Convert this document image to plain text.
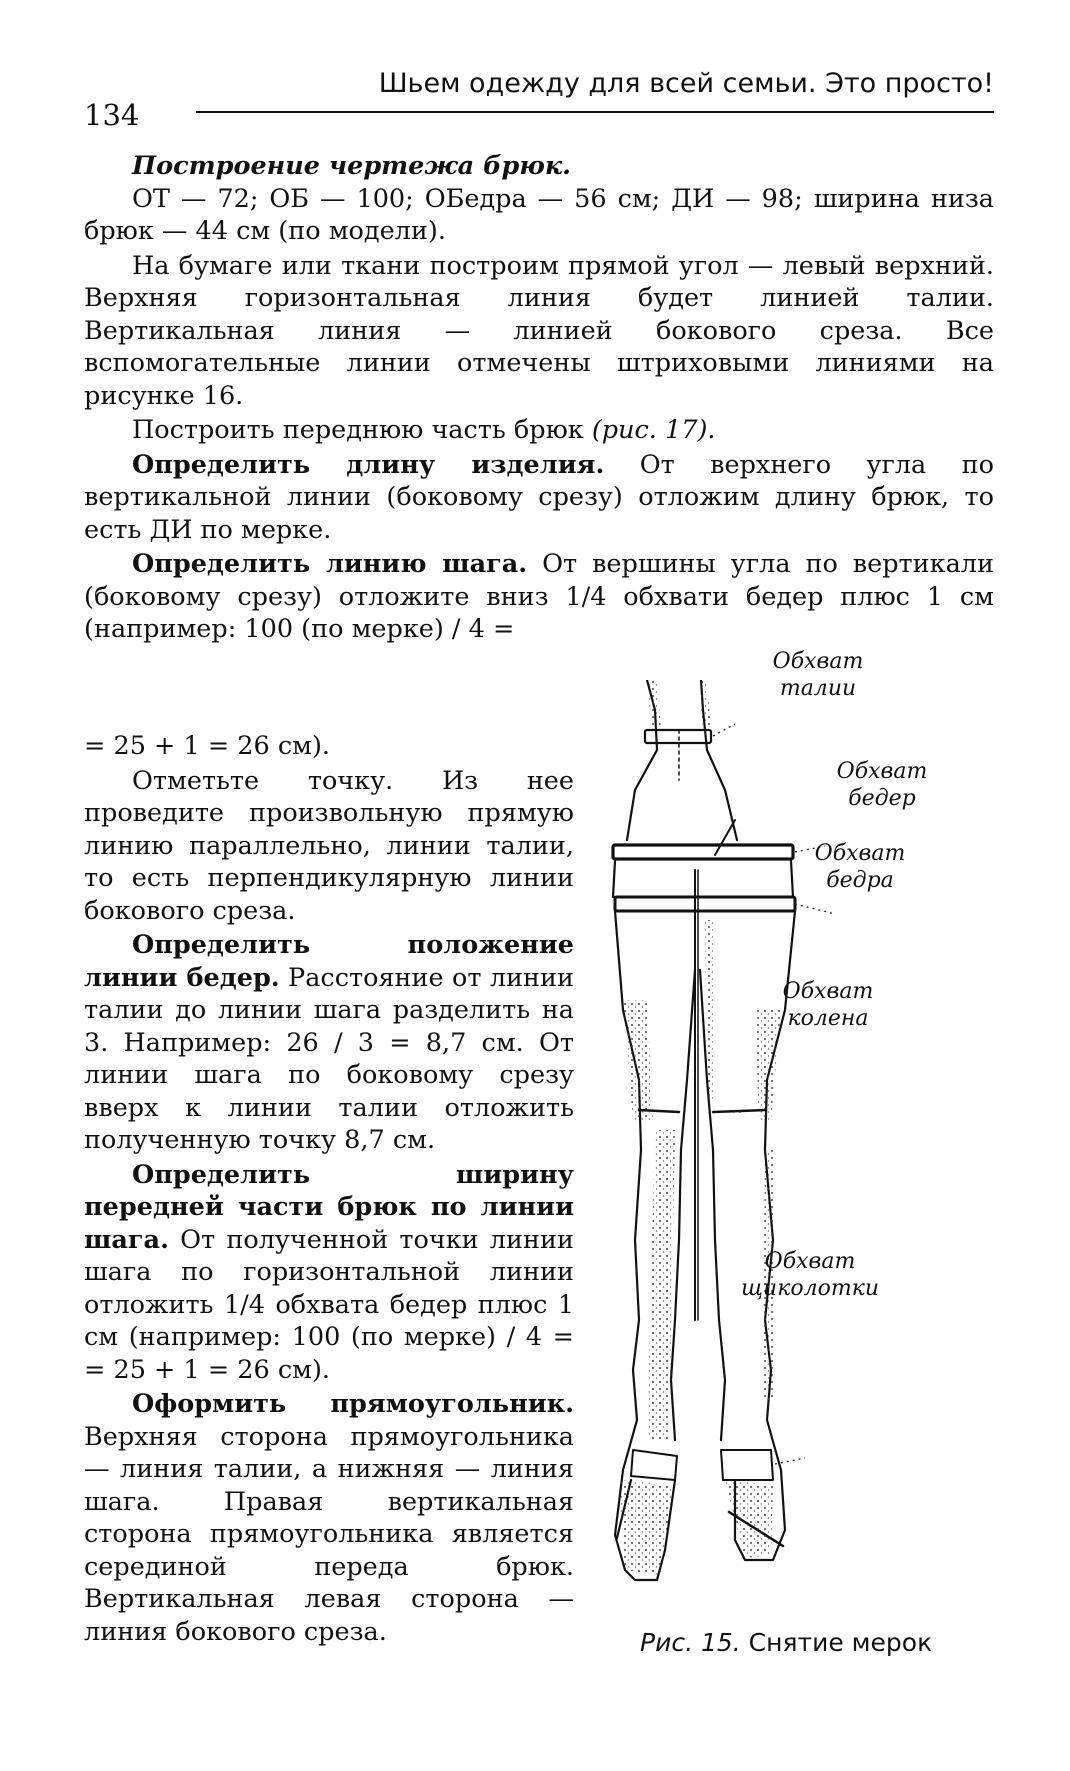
134
Шьем одежду для всей семьи. Это просто!

Построение чертежа брюк.

ОТ — 72; ОБ — 100; ОБедра — 56 см; ДИ — 98; ширина низа брюк — 44 см (по модели).

На бумаге или ткани построим прямой угол — левый верхний. Верхняя горизонтальная линия будет линией талии. Вертикальная линия — линией бокового среза. Все вспомогательные линии отмечены штриховыми линиями на рисунке 16.

Построить переднюю часть брюк (рис. 17).

Определить длину изделия. От верхнего угла по вертикальной линии (боковому срезу) отложим длину брюк, то есть ДИ по мерке.

Определить линию шага. От вершины угла по вертикали (боковому срезу) отложите вниз 1/4 обхвати бедер плюс 1 см (например: 100 (по мерке) / 4 =

= 25 + 1 = 26 см).

Отметьте точку. Из нее проведите произвольную прямую линию параллельно, линии талии, то есть перпендикулярную линии бокового среза.

Определить положение линии бедер. Расстояние от линии талии до линии шага разделить на 3. Например: 26 / 3 = 8,7 см. От линии шага по боковому срезу вверх к линии талии отложить полученную точку 8,7 см.

Определить ширину передней части брюк по линии шага. От полученной точки линии шага по горизонтальной линии отложить 1/4 обхвата бедер плюс 1 см (например: 100 (по мерке) / 4 = = 25 + 1 = 26 см).

Оформить прямоугольник. Верхняя сторона прямоугольника — линия талии, а нижняя — линия шага. Правая вертикальная сторона прямоугольника является серединой переда брюк. Вертикальная левая сторона — линия бокового среза.

Обхват талии
Обхват бедер
Обхват бедра
Обхват колена
Обхват щиколотки
Рис. 15. Снятие мерок
